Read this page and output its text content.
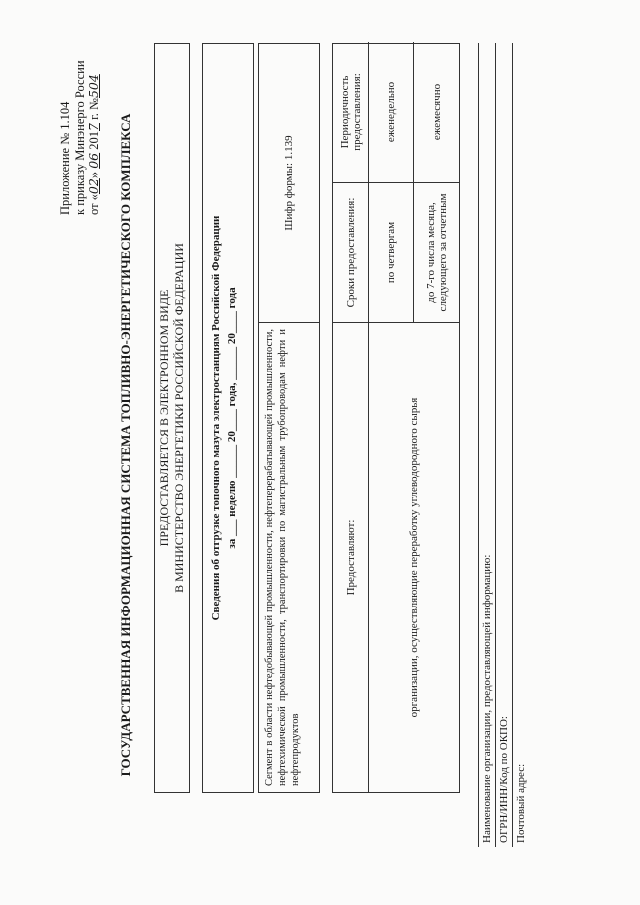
Приложение № 1.104 к приказу Минэнерго России от «02» 06 2017 г. №504
ГОСУДАРСТВЕННАЯ ИНФОРМАЦИОННАЯ СИСТЕМА ТОПЛИВНО-ЭНЕРГЕТИЧЕСКОГО КОМПЛЕКСА ПРЕДОСТАВЛЯЕТСЯ В ЭЛЕКТРОННОМ ВИДЕ В МИНИСТЕРСТВО ЭНЕРГЕТИКИ РОССИЙСКОЙ ФЕДЕРАЦИИ Сведения об отгрузке топочного мазута электростанциям Российской Федерации за ___ неделю ______ 20____ года, ______ 20____ года	Сегмент в области нефтедобывающей промышленности, нефтеперерабатывающей промышленности, нефтехимической промышленности, транспортировки по магистральным трубопроводам нефти и нефтепродуктов
Шифр формы: 1.139
Предоставляют:
Сроки предоставления:
Периодичность предоставления:
организации, осуществляющие переработку углеводородного сырья
по четвергам
еженедельно
до 7-го числа месяца, следующего за отчетным
ежемесячно
Наименование организации, предоставляющей информацию: ОГРН/ИНН/Код по ОКПО: Почтовый адрес:
